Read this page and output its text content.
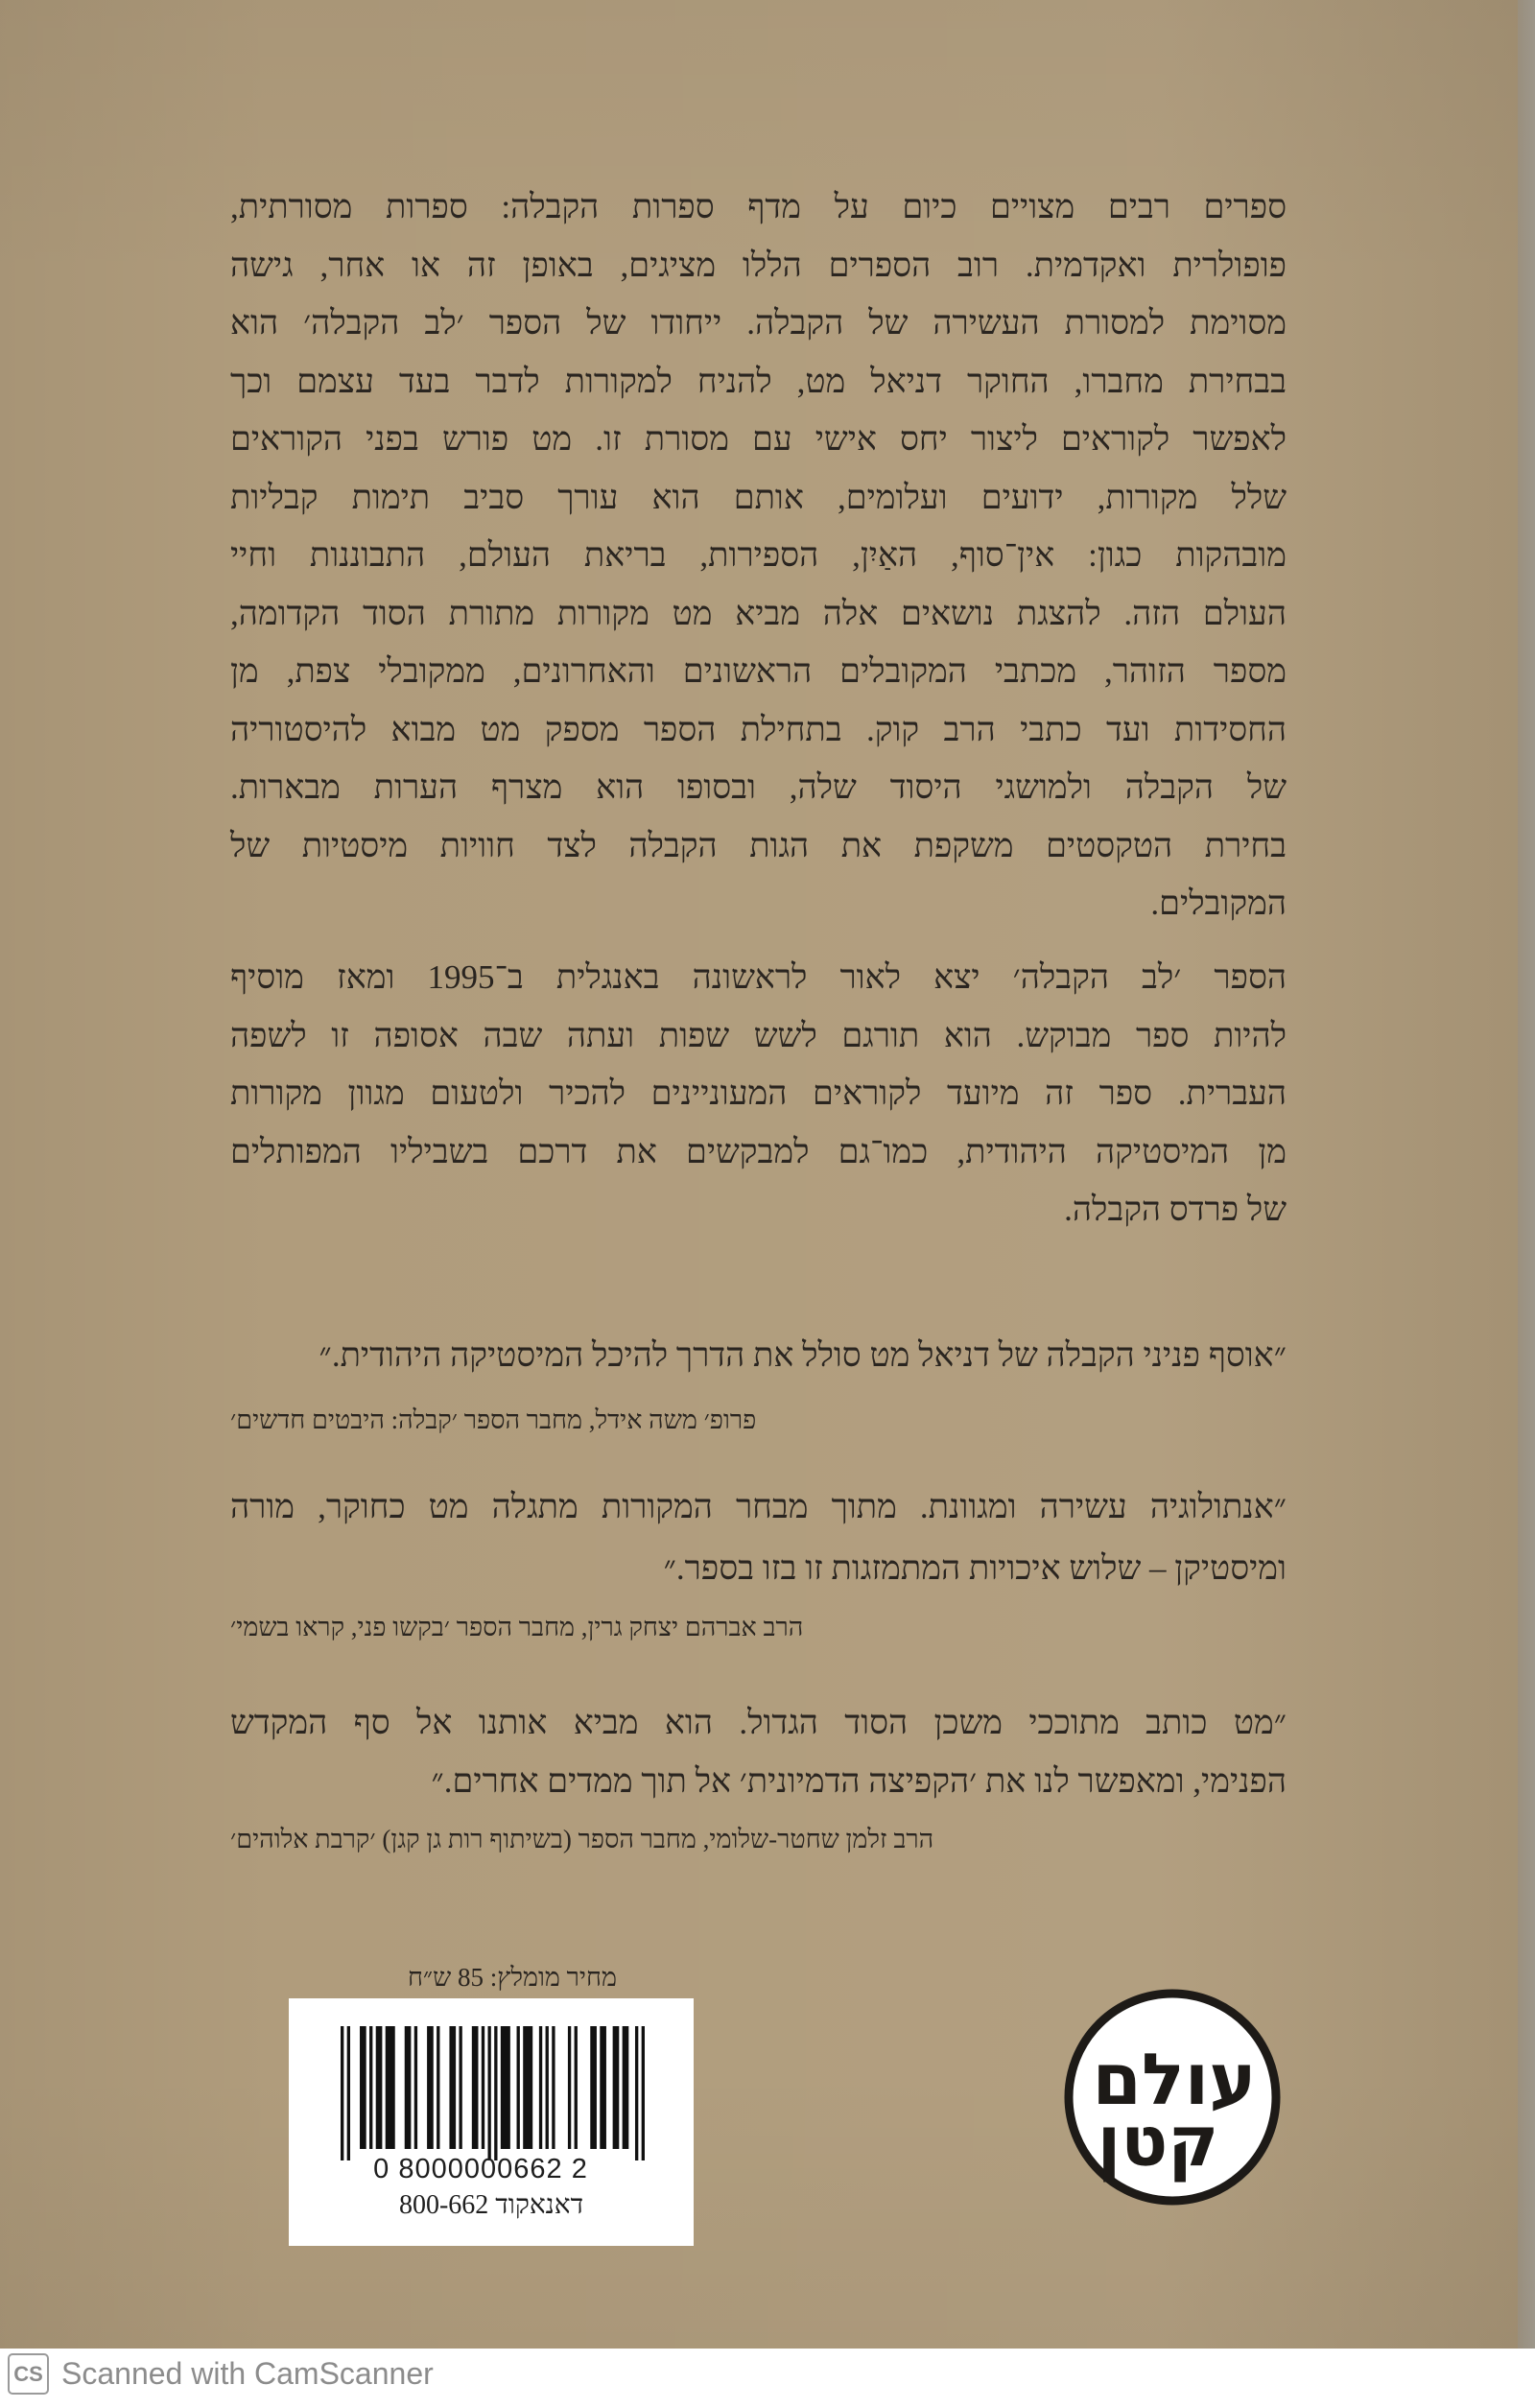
ספרים רבים מצויים כיום על מדף ספרות הקבלה: ספרות מסורתית,
פופולרית ואקדמית. רוב הספרים הללו מציגים, באופן זה או אחר, גישה
מסוימת למסורת העשירה של הקבלה. ייחודו של הספר ׳לב הקבלה׳ הוא
בבחירת מחברו, החוקר דניאל מט, להניח למקורות לדבר בעד עצמם וכך
לאפשר לקוראים ליצור יחס אישי עם מסורת זו. מט פורש בפני הקוראים
שלל מקורות, ידועים ועלומים, אותם הוא עורך סביב תימות קבליות
מובהקות כגון: אין־סוף, האַיִן, הספירות, בריאת העולם, התבוננות וחיי
העולם הזה. להצגת נושאים אלה מביא מט מקורות מתורת הסוד הקדומה,
מספר הזוהר, מכתבי המקובלים הראשונים והאחרונים, ממקובלי צפת, מן
החסידות ועד כתבי הרב קוק. בתחילת הספר מספק מט מבוא להיסטוריה
של הקבלה ולמושגי היסוד שלה, ובסופו הוא מצרף הערות מבארות.
בחירת הטקסטים משקפת את הגות הקבלה לצד חוויות מיסטיות של
המקובלים.
הספר ׳לב הקבלה׳ יצא לאור לראשונה באנגלית ב־1995 ומאז מוסיף
להיות ספר מבוקש. הוא תורגם לשש שפות ועתה שבה אסופה זו לשפה
העברית. ספר זה מיועד לקוראים המעוניינים להכיר ולטעום מגוון מקורות
מן המיסטיקה היהודית, כמו־גם למבקשים את דרכם בשביליו המפותלים
של פרדס הקבלה.
״אוסף פניני הקבלה של דניאל מט סולל את הדרך להיכל המיסטיקה היהודית.״
פרופ׳ משה אידל, מחבר הספר ׳קבלה: היבטים חדשים׳
״אנתולוגיה עשירה ומגוונת. מתוך מבחר המקורות מתגלה מט כחוקר, מורה
ומיסטיקן – שלוש איכויות המתמזגות זו בזו בספר.״
הרב אברהם יצחק גרין, מחבר הספר ׳בקשו פני, קראו בשמי׳
״מט כותב מתוככי משכן הסוד הגדול. הוא מביא אותנו אל סף המקדש
הפנימי, ומאפשר לנו את ׳הקפיצה הדמיונית׳ אל תוך ממדים אחרים.״
הרב זלמן שחטר-שלומי, מחבר הספר (בשיתוף רות גן קגן) ׳קרבת אלוהים׳
מחיר מומלץ: 85 ש״ח
0 8000000662 2
דאנאקוד 800-662
עולם
קטן
CS Scanned with CamScanner
